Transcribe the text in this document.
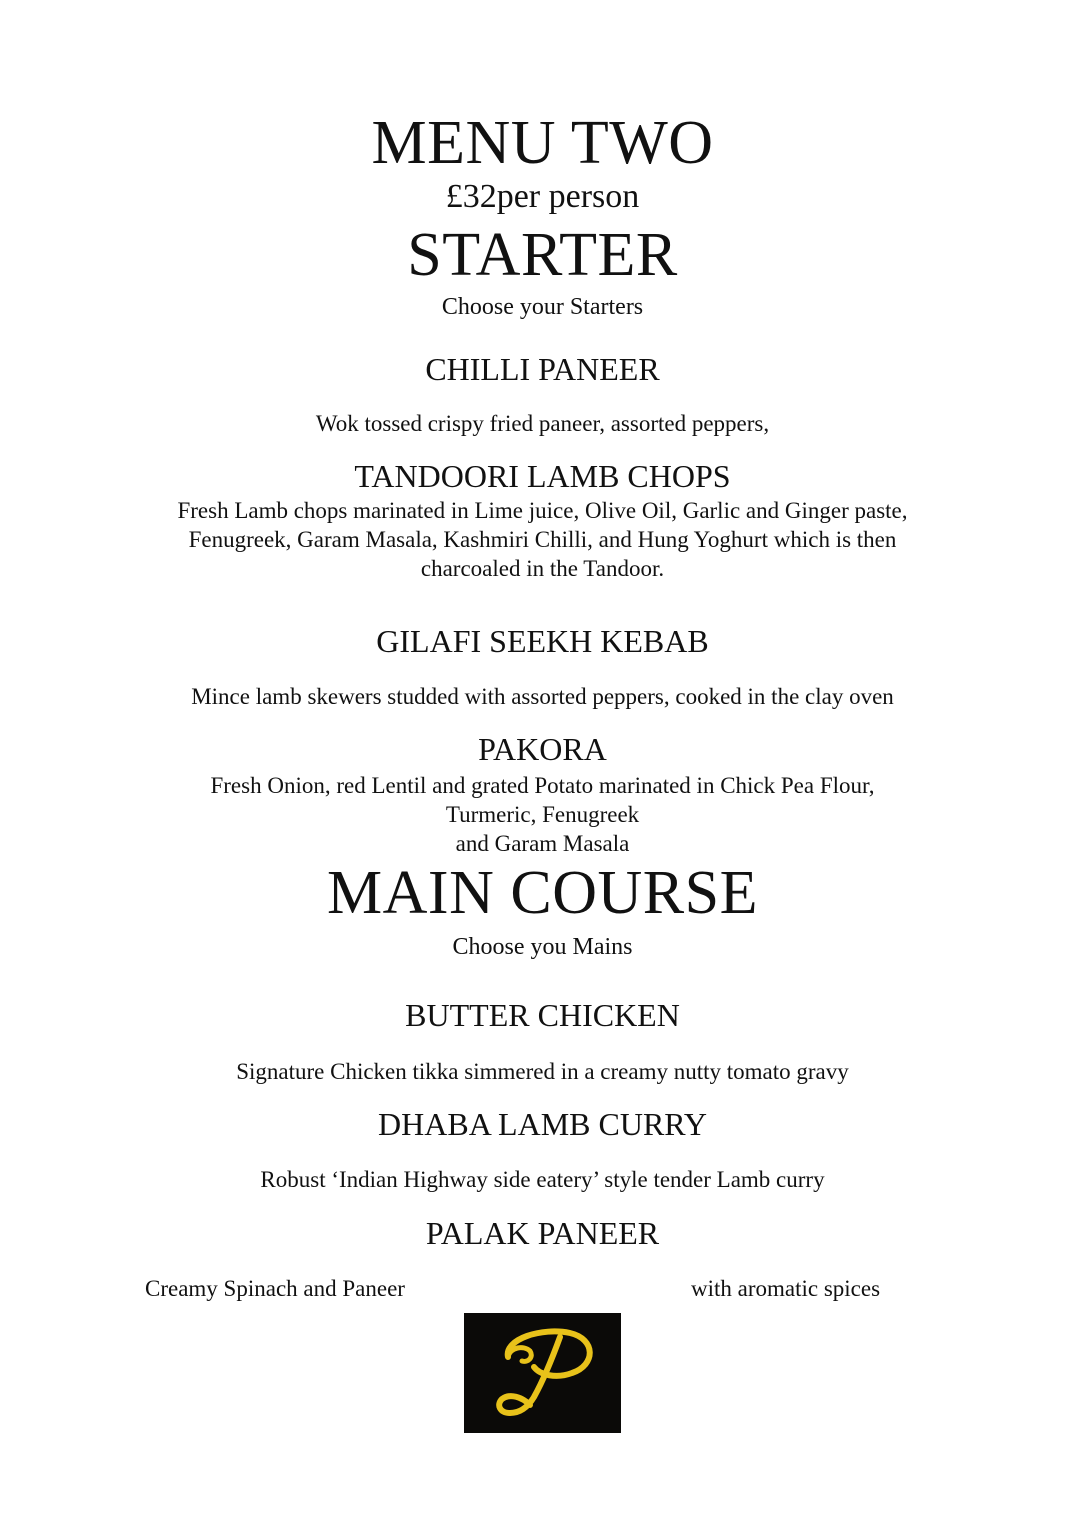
MENU TWO
£32per person
STARTER
Choose your Starters
CHILLI PANEER
Wok tossed crispy fried paneer, assorted peppers,
TANDOORI LAMB CHOPS
Fresh Lamb chops marinated in Lime juice, Olive Oil, Garlic and Ginger paste,
Fenugreek, Garam Masala, Kashmiri Chilli, and Hung Yoghurt which is then
charcoaled in the Tandoor.
GILAFI SEEKH KEBAB
Mince lamb skewers studded with assorted peppers, cooked in the clay oven
PAKORA
Fresh Onion, red Lentil and grated Potato marinated in Chick Pea Flour,
Turmeric, Fenugreek
and Garam Masala
MAIN COURSE
Choose you Mains
BUTTER CHICKEN
Signature Chicken tikka simmered in a creamy nutty tomato gravy
DHABA LAMB CURRY
Robust ‘Indian Highway side eatery’ style tender Lamb curry
PALAK PANEER
Creamy Spinach and Paneer	with aromatic spices
